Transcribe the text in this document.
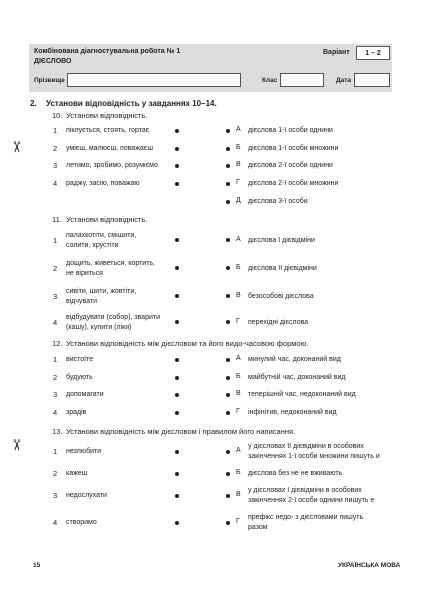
Комбінована діагностувальна робота № 1
ДІЄСЛОВО
Варіант	1 – 2
Прізвище	Клас	Дата
2. Установи відповідність у завданнях 10–14.
10. Установи відповідність.
1 піклується, стоять, гортає
2 умієш, малюєш, поважаєш
3 летимо, зробимо, розуміємо
4 раджу, засію, поважаю
А дієслова 1-ї особи однини
Б дієслова 1-ї особи множини
В дієслова 2-ї особи однини
Г дієслова 2-ї особи множини
Д дієслова 3-ї особи
11. Установи відповідність.
1
палахкотіти, смішити,
солити, хрустіти
2
дощить, живеться, кортить,
не віриться
3
сивіти, шити, жовтіти,
відчувати
4
відбудувати (собор), зварити
(кашу), купити (ліки)
А дієслова І дієвідміни
Б дієслова ІІ дієвідміни
В безособові дієслова
Г перехідні дієслова
12. Установи відповідність між дієсловом та його видо-часовою формою.
1 вистоїте
2 будують
3 допомагати
4 зрадів
А минулий час, доконаний вид
Б майбутній час, доконаний вид
В теперішній час, недоконаний вид
Г інфінітив, недоконаний вид
13. Установи відповідність між дієсловом і правилом його написання.
1 незлюбити
2 кажеш
3 недослухати
4 створимо
А
у дієсловах ІІ дієвідміни в особових
закінченнях 1-ї особи множини пишуть и
Б дієслова без не не вживають
В
у дієсловах І дієвідміни в особових
закінченнях 2-ї особи однини пишуть е
Г
префікс недо- з дієсловами пишуть
разом
✂
✂
15	УКРАЇНСЬКА МОВА
